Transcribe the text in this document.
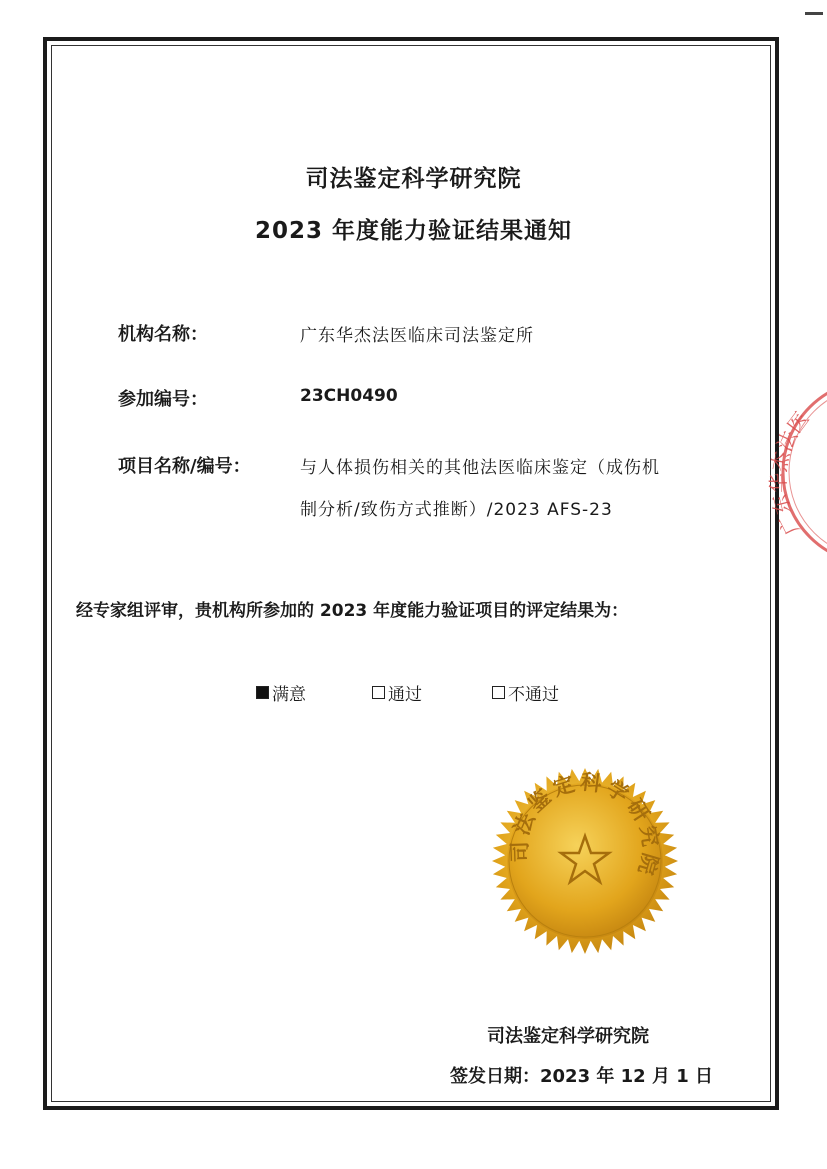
司法鉴定科学研究院
2023 年度能力验证结果通知
机构名称：	广东华杰法医临床司法鉴定所
参加编号：	23CH0490
项目名称/编号：	与人体损伤相关的其他法医临床鉴定（成伤机
制分析/致伤方式推断）/2023 AFS-23
经专家组评审，贵机构所参加的 2023 年度能力验证项目的评定结果为：
满意	通过	不通过
司法鉴定科学研究院
广东华杰法医
司法鉴定科学研究院
签发日期：2023 年 12 月 1 日
